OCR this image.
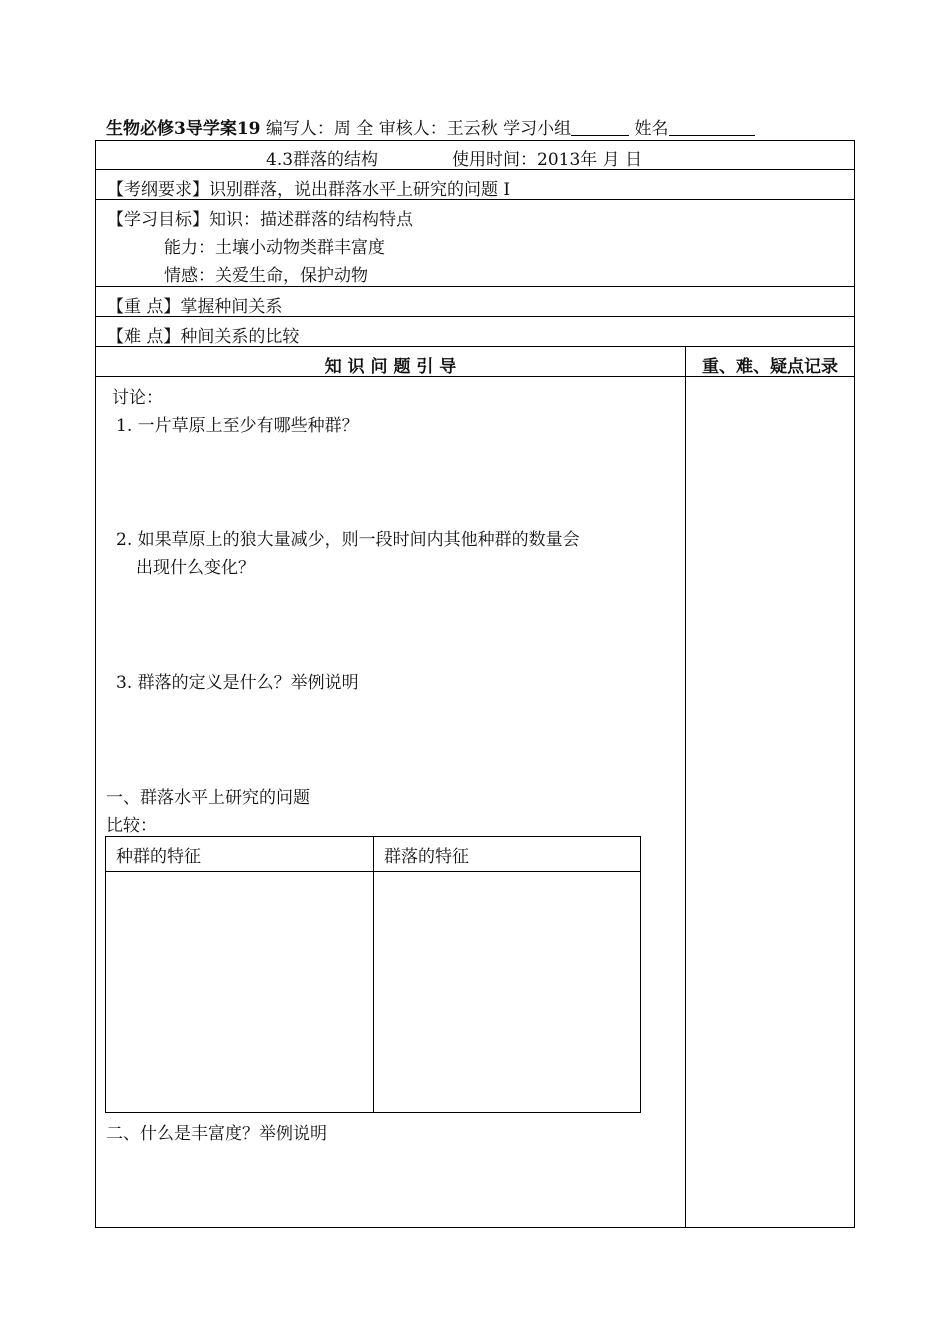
生物必修3导学案19 编写人：周 全 审核人：王云秋 学习小组	姓名
4.3群落的结构	使用时间：2013年 月 日
【考纲要求】识别群落，说出群落水平上研究的问题 I
【学习目标】知识：描述群落的结构特点
能力：土壤小动物类群丰富度
情感：关爱生命，保护动物
【重 点】掌握种间关系
【难 点】种间关系的比较
知 识 问 题 引 导	重、难、疑点记录
讨论：
1. 一片草原上至少有哪些种群？
2. 如果草原上的狼大量减少，则一段时间内其他种群的数量会
出现什么变化？
3. 群落的定义是什么？举例说明
一、群落水平上研究的问题
比较：
二、什么是丰富度？举例说明
种群的特征	群落的特征
